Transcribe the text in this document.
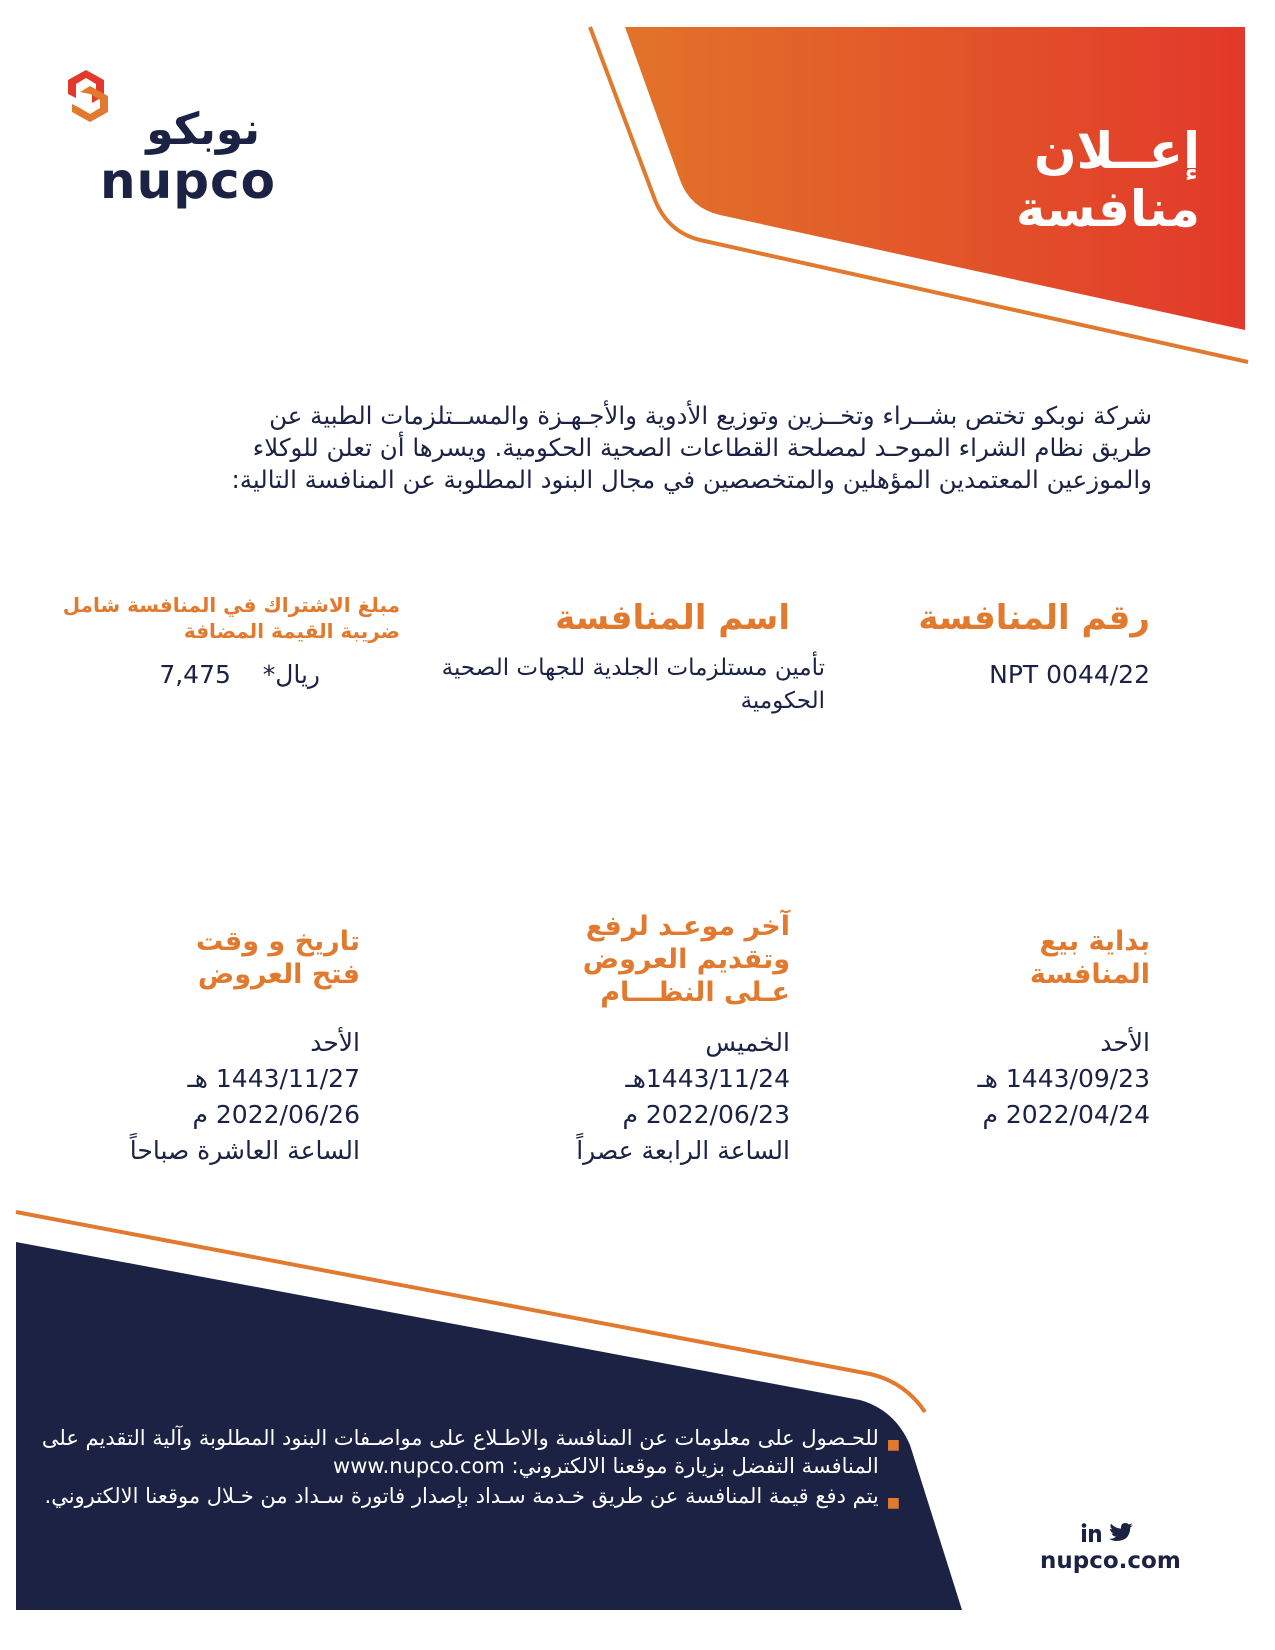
إعــلان منافسة
نوبكو
nupco
شركة نوبكو تختص بشــراء وتخــزين وتوزيع الأدوية والأجـهـزة والمســتلزمات الطبية عن طريق نظام الشراء الموحـد لمصلحة القطاعات الصحية الحكومية. ويسرها أن تعلن للوكلاء والموزعين المعتمدين المؤهلين والمتخصصين في مجال البنود المطلوبة عن المنافسة التالية:
رقم المنافسة
اسم المنافسة
مبلغ الاشتراك في المنافسة شامل ضريبة القيمة المضافة
NPT 0044/22
تأمين مستلزمات الجلدية للجهات الصحية الحكومية
ريال*    7,475
بداية بيع المنافسة
آخر موعـد لرفع وتقديم العروض عـلى النظـــام
تاريخ و وقت فتح العروض
الأحد
1443/09/23 هـ
2022/04/24 م
الخميس
1443/11/24هـ
2022/06/23 م
الساعة الرابعة عصراً
الأحد
1443/11/27 هـ
2022/06/26 م
الساعة العاشرة صباحاً
■
للحـصول على معلومات عن المنافسة والاطـلاع على مواصـفات البنود المطلوبة وآلية التقديم على المنافسة التفضل بزيارة موقعنا الالكتروني: www.nupco.com
■
يتم دفع قيمة المنافسة عن طريق خـدمة سـداد بإصدار فاتورة سـداد من خـلال موقعنا الالكتروني.
nupco.com
